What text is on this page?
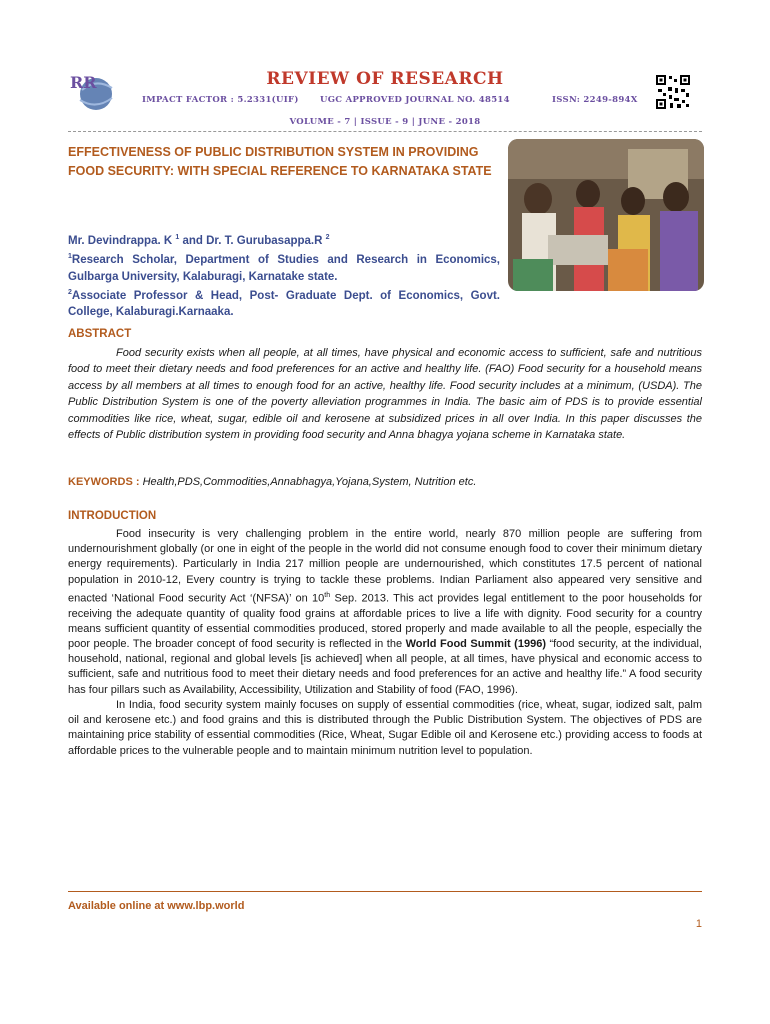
RR	REVIEW OF RESEARCH
IMPACT FACTOR : 5.2331(UIF)	UGC APPROVED JOURNAL NO. 48514	ISSN: 2249-894X
VOLUME - 7 | ISSUE - 9 | JUNE - 2018
EFFECTIVENESS OF PUBLIC DISTRIBUTION SYSTEM IN PROVIDING FOOD SECURITY: WITH SPECIAL REFERENCE TO KARNATAKA STATE

Mr. Devindrappa. K $^1$ and Dr. T. Gurubasappa.R $^2$

$^1$Research Scholar, Department of Studies and Research in Economics, Gulbarga University, Kalaburagi, Karnatake state.

$^2$Associate Professor & Head, Post- Graduate Dept. of Economics, Govt. College, Kalaburagi.Karnaaka.

ABSTRACT
Food security exists when all people, at all times, have physical and economic access to sufficient, safe and nutritious food to meet their dietary needs and food preferences for an active and healthy life. (FAO) Food security for a household means access by all members at all times to enough food for an active, healthy life. Food security includes at a minimum, (USDA). The Public Distribution System is one of the poverty alleviation programmes in India. The basic aim of PDS is to provide essential commodities like rice, wheat, sugar, edible oil and kerosene at subsidized prices in all over India. In this paper discusses the effects of Public distribution system in providing food security and Anna bhagya yojana scheme in Karnataka state.
KEYWORDS : Health,PDS,Commodities,Annabhagya,Yojana,System, Nutrition etc.
INTRODUCTION

Food insecurity is very challenging problem in the entire world, nearly 870 million people are suffering from undernourishment globally (or one in eight of the people in the world did not consume enough food to cover their minimum dietary energy requirements). Particularly in India 217 million people are undernourished, which constitutes 17.5 percent of national population in 2010-12, Every country is trying to tackle these problems. Indian Parliament also appeared very sensitive and enacted ‘National Food security Act ‘(NFSA)’ on 10th Sep. 2013. This act provides legal entitlement to the poor households for receiving the adequate quantity of quality food grains at affordable prices to live a life with dignity. Food security for a country means sufficient quantity of essential commodities produced, stored properly and made available to all the people, especially the poor people. The broader concept of food security is reflected in the World Food Summit (1996) “food security, at the individual, household, national, regional and global levels [is achieved] when all people, at all times, have physical and economic access to sufficient, safe and nutritious food to meet their dietary needs and food preferences for an active and healthy life.” A food security has four pillars such as Availability, Accessibility, Utilization and Stability of food (FAO, 1996).

In India, food security system mainly focuses on supply of essential commodities (rice, wheat, sugar, iodized salt, palm oil and kerosene etc.) and food grains and this is distributed through the Public Distribution System. The objectives of PDS are maintaining price stability of essential commodities (Rice, Wheat, Sugar Edible oil and Kerosene etc.) providing access to foods at affordable prices to the vulnerable people and to maintain minimum nutrition level to population.

Available online at www.lbp.world
1
